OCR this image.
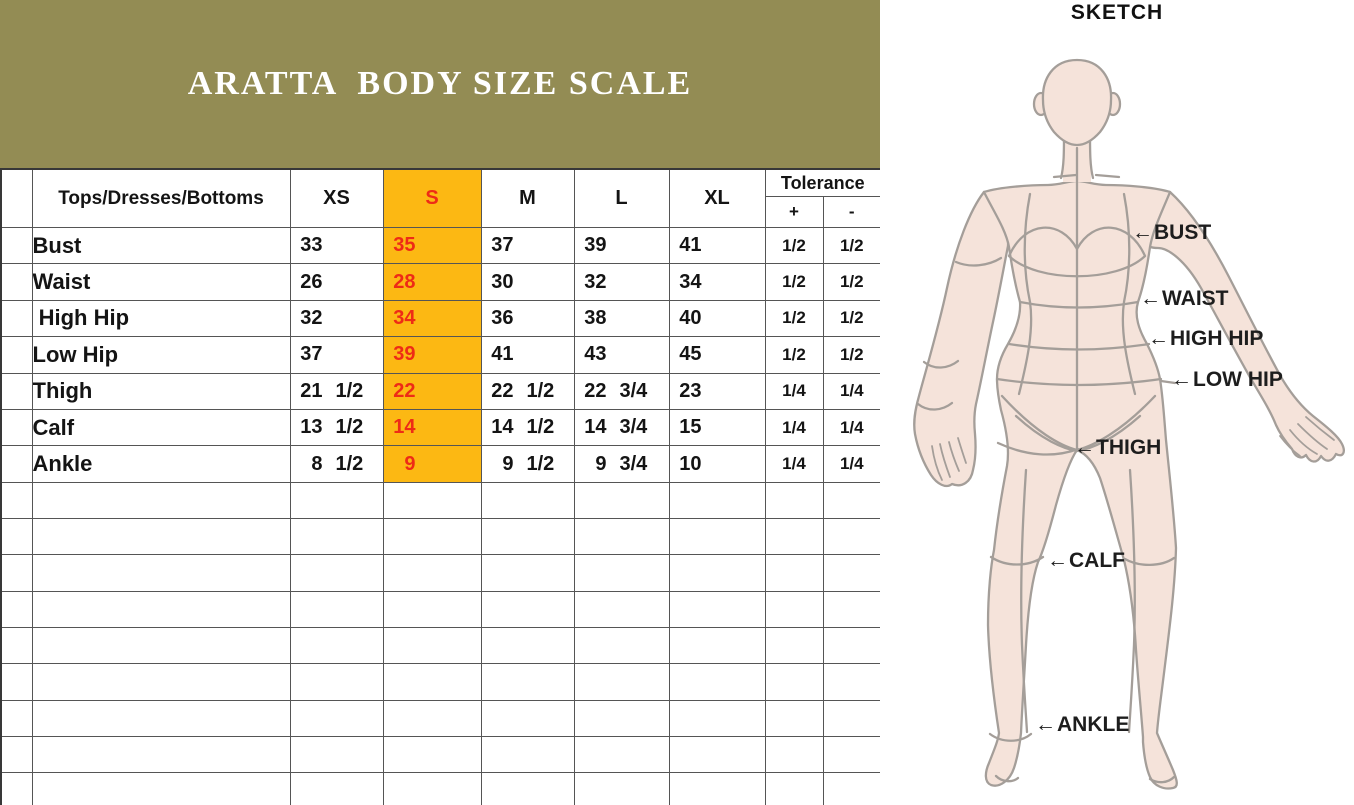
ARATTA  BODY SIZE SCALE
	Tops/Dresses/Bottoms	XS	S	M	L	XL	Tolerance	
							+	-
	Bust	33	35	37	39	41	1/2	1/2
	Waist	26	28	30	32	34	1/2	1/2
	High Hip	32	34	36	38	40	1/2	1/2
	Low Hip	37	39	41	43	45	1/2	1/2
	Thigh	21 1/2	22	22 1/2	22 3/4	23	1/4	1/4
	Calf	13 1/2	14	14 1/2	14 3/4	15	1/4	1/4
	Ankle	8 1/2	9	9 1/2	9 3/4	10	1/4	1/4

SKETCH
←BUST
←WAIST
←HIGH HIP
←LOW HIP
←THIGH
←CALF
←ANKLE
